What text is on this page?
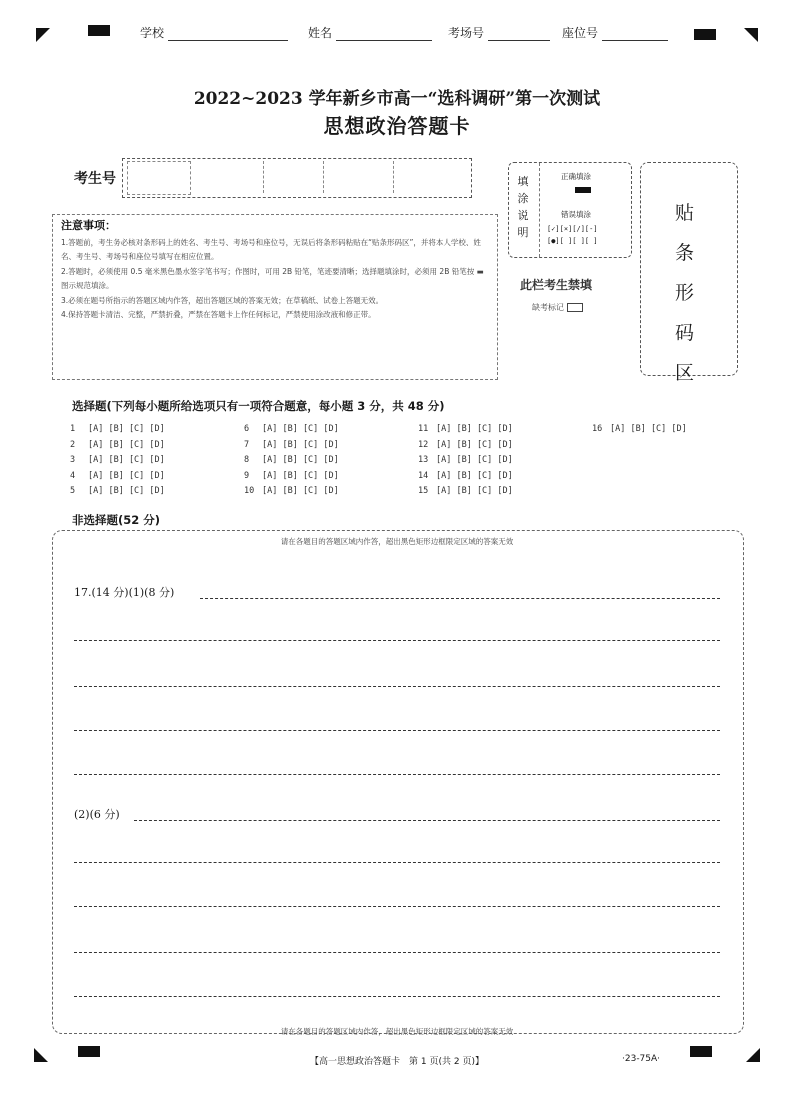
学校	姓名	考场号	座位号
2022~2023 学年新乡市高一“选科调研”第一次测试
思想政治答题卡
考生号
注意事项：

1.答题前，考生务必核对条形码上的姓名、考生号、考场号和座位号，无误后将条形码粘贴在“贴条形码区”，并将本人学校、姓名、考生号、考场号和座位号填写在相应位置。

2.答题时，必须使用 0.5 毫米黑色墨水签字笔书写；作图时，可用 2B 铅笔，笔迹要清晰；选择题填涂时，必须用 2B 铅笔按 ▬ 图示规范填涂。

3.必须在题号所指示的答题区域内作答，超出答题区域的答案无效；在草稿纸、试卷上答题无效。

4.保持答题卡清洁、完整，严禁折叠，严禁在答题卡上作任何标记，严禁使用涂改液和修正带。

填
涂
说
明
正确填涂
错误填涂
[✓][×][/][-]
[●][ ][ ][ ]
此栏考生禁填
缺考标记
贴
条
形
码
区
选择题(下列每小题所给选项只有一项符合题意，每小题 3 分，共 48 分)
1 [A] [B] [C] [D]
2 [A] [B] [C] [D]
3 [A] [B] [C] [D]
4 [A] [B] [C] [D]
5 [A] [B] [C] [D]
6 [A] [B] [C] [D]
7 [A] [B] [C] [D]
8 [A] [B] [C] [D]
9 [A] [B] [C] [D]
10 [A] [B] [C] [D]
11 [A] [B] [C] [D]
12 [A] [B] [C] [D]
13 [A] [B] [C] [D]
14 [A] [B] [C] [D]
15 [A] [B] [C] [D]
16 [A] [B] [C] [D]
非选择题(52 分)
请在各题目的答题区域内作答，超出黑色矩形边框限定区域的答案无效
请在各题目的答题区域内作答，超出黑色矩形边框限定区域的答案无效
17.(14 分)(1)(8 分)
(2)(6 分)
【高一思想政治答题卡　第 1 页(共 2 页)】	·23-75A·
